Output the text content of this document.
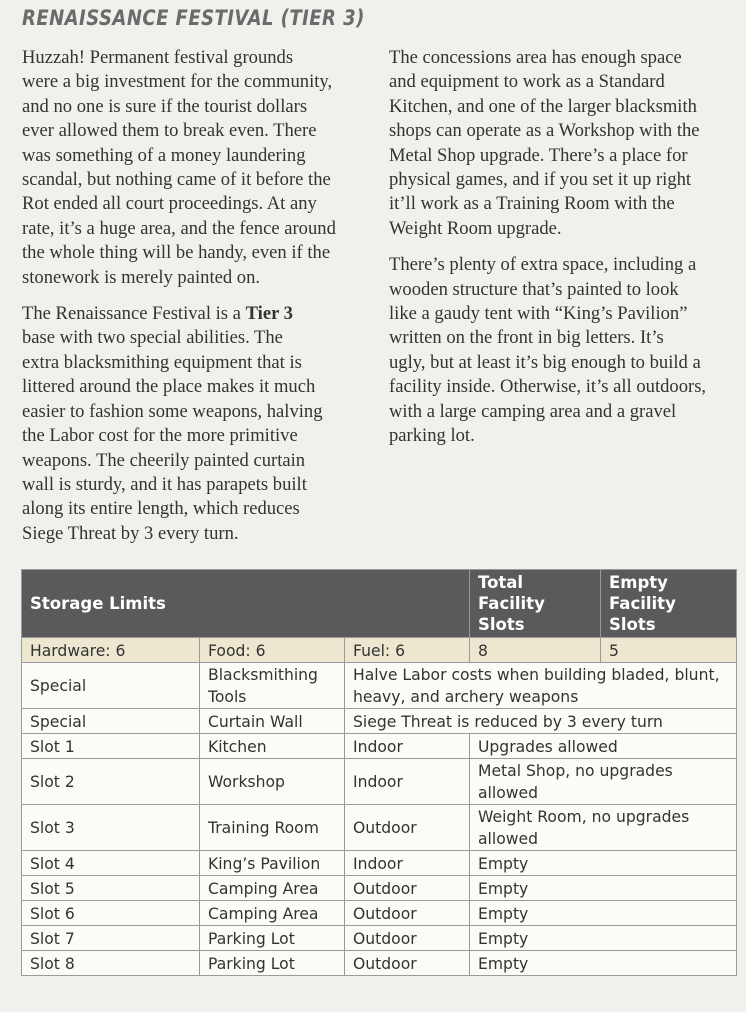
RENAISSANCE FESTIVAL (TIER 3)

Huzzah! Permanent festival grounds
were a big investment for the community,
and no one is sure if the tourist dollars
ever allowed them to break even. There
was something of a money laundering
scandal, but nothing came of it before the
Rot ended all court proceedings. At any
rate, it’s a huge area, and the fence around
the whole thing will be handy, even if the
stonework is merely painted on.

The Renaissance Festival is a Tier 3
base with two special abilities. The
extra blacksmithing equipment that is
littered around the place makes it much
easier to fashion some weapons, halving
the Labor cost for the more primitive
weapons. The cheerily painted curtain
wall is sturdy, and it has parapets built
along its entire length, which reduces
Siege Threat by 3 every turn.

The concessions area has enough space
and equipment to work as a Standard
Kitchen, and one of the larger blacksmith
shops can operate as a Workshop with the
Metal Shop upgrade. There’s a place for
physical games, and if you set it up right
it’ll work as a Training Room with the
Weight Room upgrade.

There’s plenty of extra space, including a
wooden structure that’s painted to look
like a gaudy tent with “King’s Pavilion”
written on the front in big letters. It’s
ugly, but at least it’s big enough to build a
facility inside. Otherwise, it’s all outdoors,
with a large camping area and a gravel
parking lot.

Storage Limits			Total Facility Slots	Empty Facility Slots
Hardware: 6	Food: 6	Fuel: 6	8	5
Special	Blacksmithing Tools	Halve Labor costs when building bladed, blunt, heavy, and archery weapons		
Special	Curtain Wall	Siege Threat is reduced by 3 every turn		
Slot 1	Kitchen	Indoor	Upgrades allowed	
Slot 2	Workshop	Indoor	Metal Shop, no upgrades allowed	
Slot 3	Training Room	Outdoor	Weight Room, no upgrades allowed	
Slot 4	King’s Pavilion	Indoor	Empty	
Slot 5	Camping Area	Outdoor	Empty	
Slot 6	Camping Area	Outdoor	Empty	
Slot 7	Parking Lot	Outdoor	Empty	
Slot 8	Parking Lot	Outdoor	Empty	
